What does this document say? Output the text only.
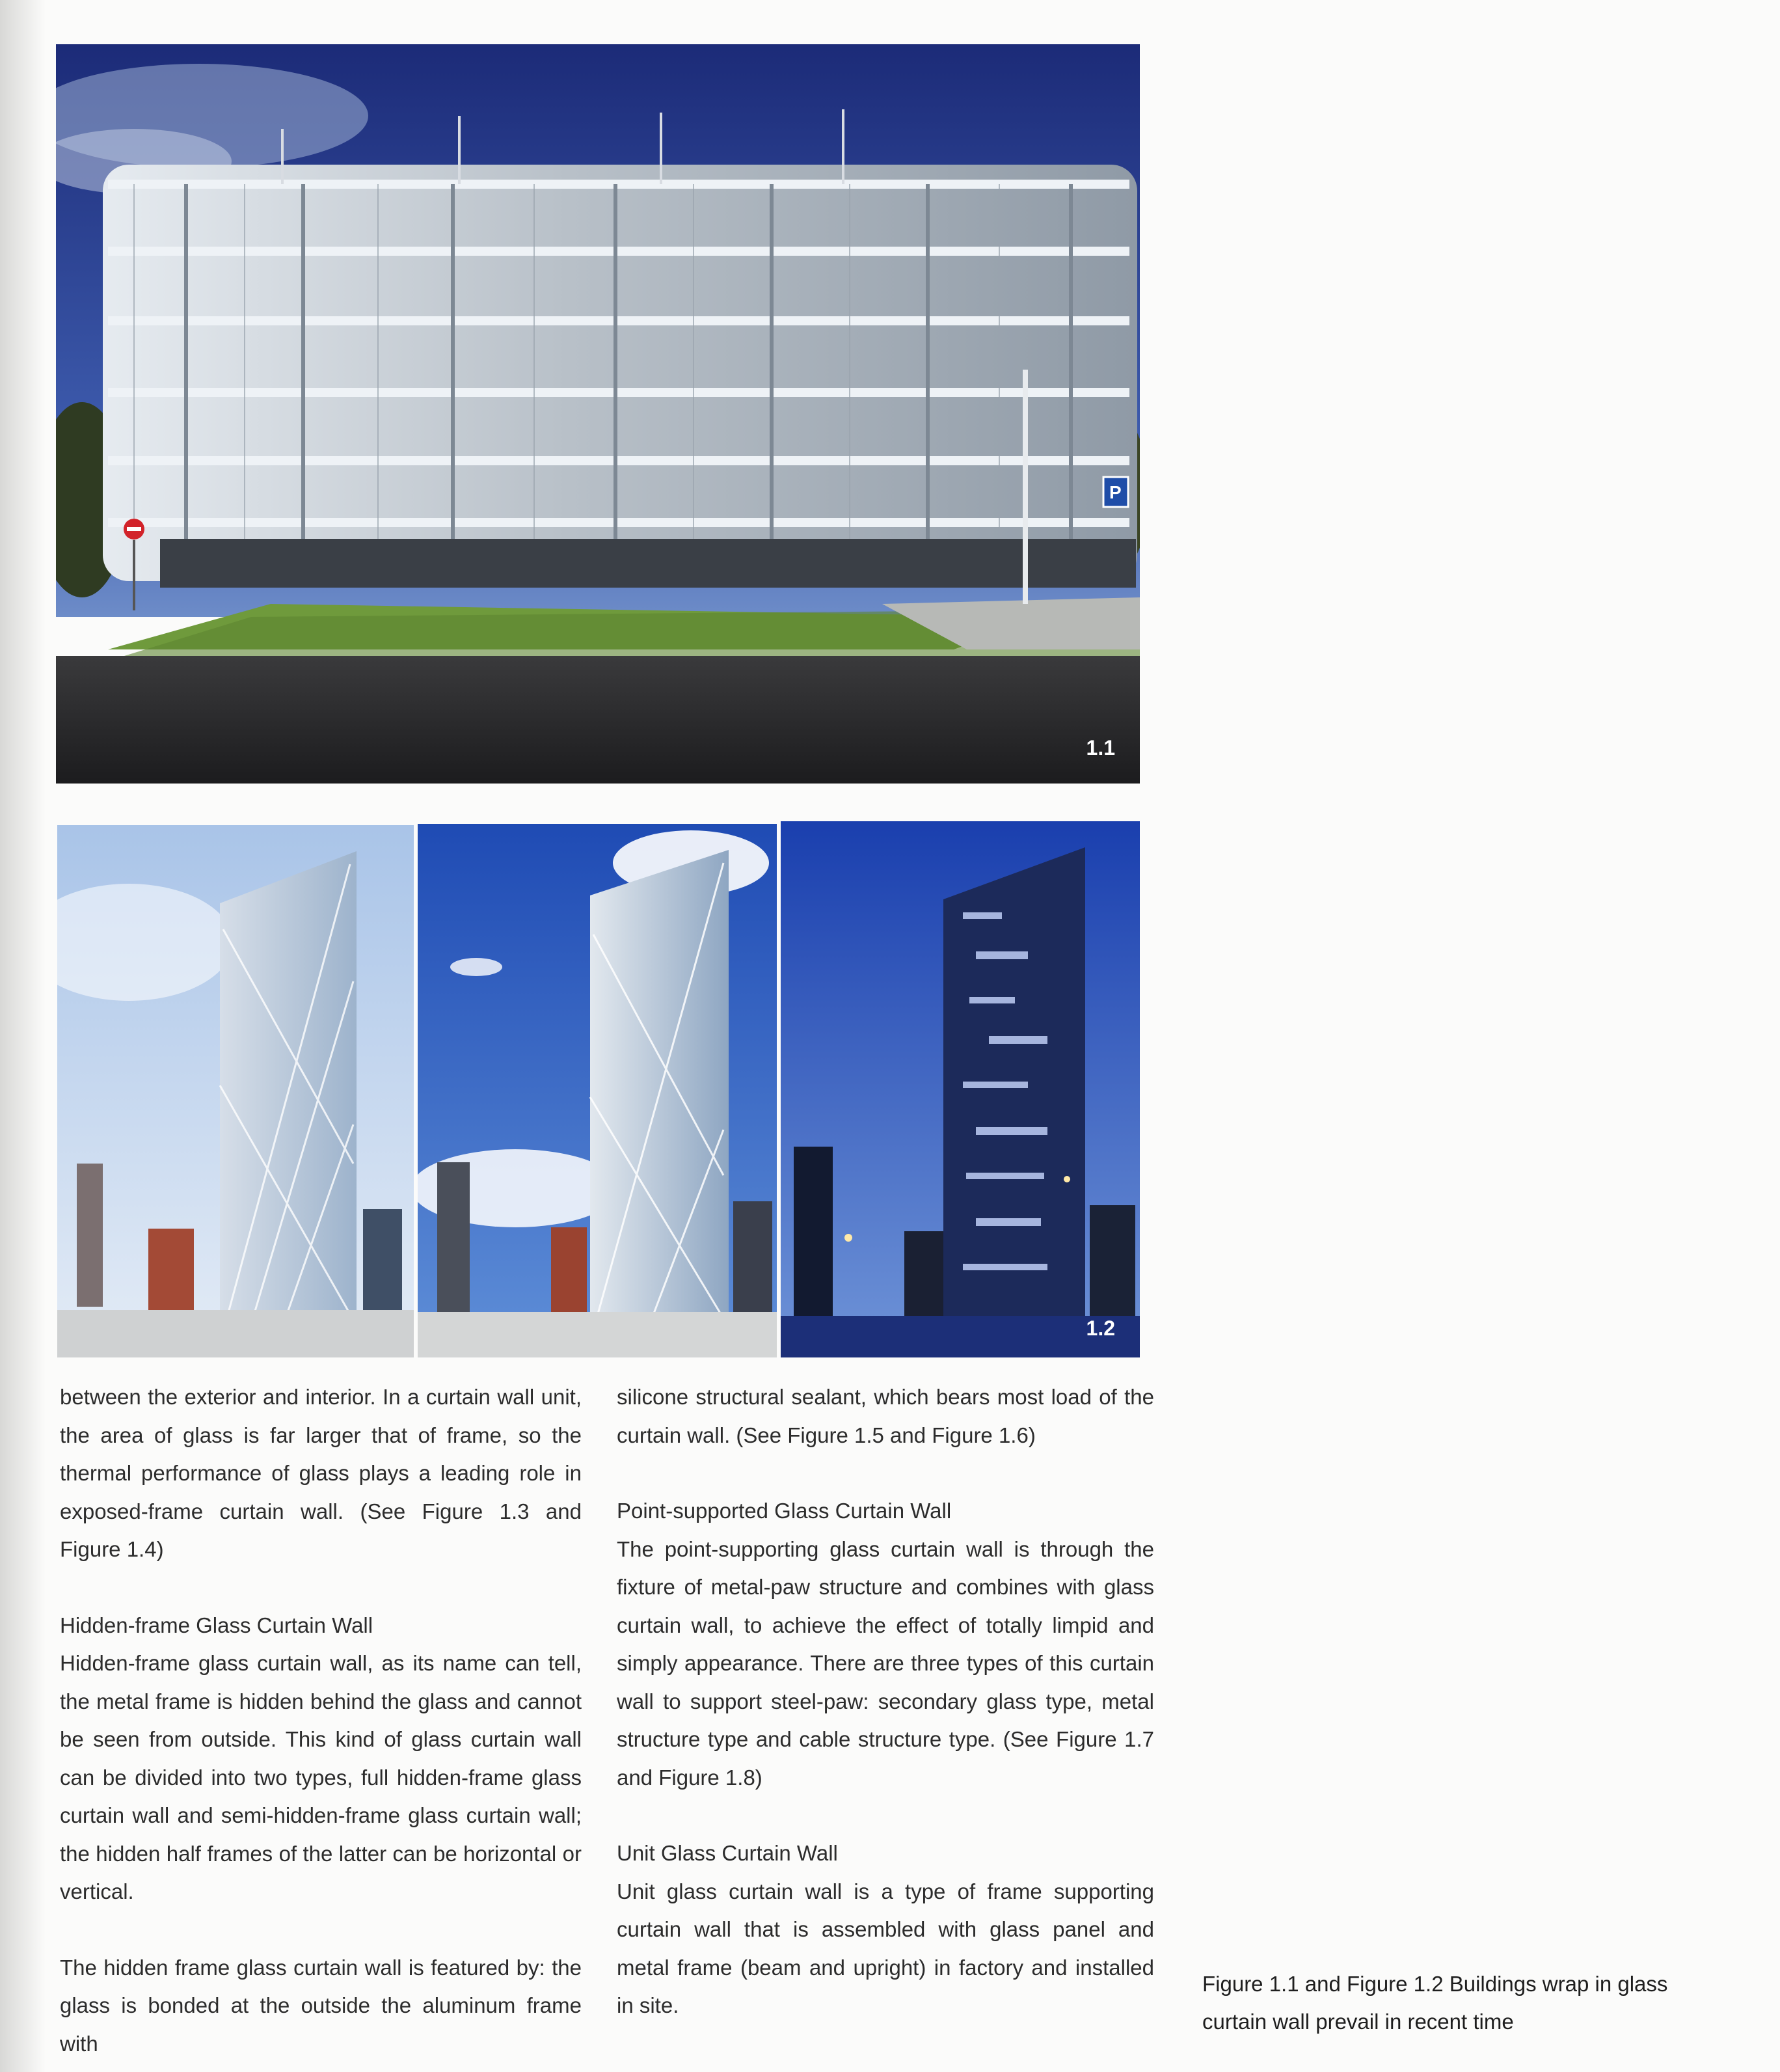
P
1.1
1.2

between the exterior and interior. In a curtain wall unit, the area of glass is far larger that of frame, so the thermal performance of glass plays a leading role in exposed-frame curtain wall. (See Figure 1.3 and Figure 1.4)

Hidden-frame Glass Curtain Wall

Hidden-frame glass curtain wall, as its name can tell, the metal frame is hidden behind the glass and cannot be seen from outside. This kind of glass curtain wall can be divided into two types, full hidden-frame glass curtain wall and semi-hidden-frame glass curtain wall; the hidden half frames of the latter can be horizontal or vertical.

The hidden frame glass curtain wall is featured by: the glass is bonded at the outside the aluminum frame with

silicone structural sealant, which bears most load of the curtain wall. (See Figure 1.5 and Figure 1.6)

Point-supported Glass Curtain Wall

The point-supporting glass curtain wall is through the fixture of metal-paw structure and combines with glass curtain wall, to achieve the effect of totally limpid and simply appearance. There are three types of this curtain wall to support steel-paw: secondary glass type, metal structure type and cable structure type. (See Figure 1.7 and Figure 1.8)

Unit Glass Curtain Wall

Unit glass curtain wall is a type of frame supporting curtain wall that is assembled with glass panel and metal frame (beam and upright) in factory and installed in site.

Figure 1.1 and Figure 1.2 Buildings wrap in glass curtain wall prevail in recent time
